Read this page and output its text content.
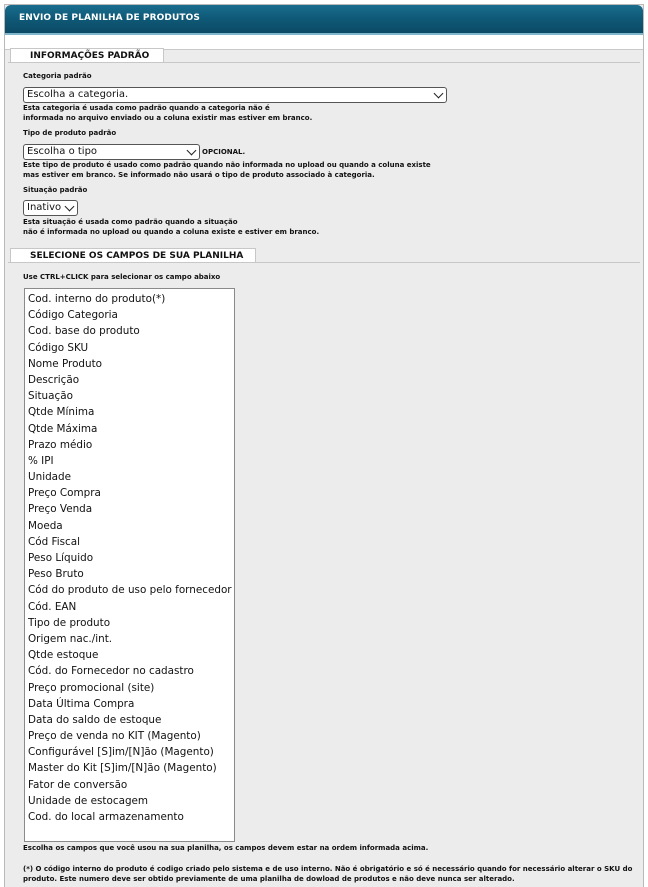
ENVIO DE PLANILHA DE PRODUTOS
INFORMAÇÕES PADRÃO
Categoria padrão
Escolha a categoria.
Esta categoria é usada como padrão quando a categoria não é
informada no arquivo enviado ou a coluna existir mas estiver em branco.
Tipo de produto padrão
Escolha o tipo	OPCIONAL.
Este tipo de produto é usado como padrão quando não informada no upload ou quando a coluna existe
mas estiver em branco. Se informado não usará o tipo de produto associado à categoria.
Situação padrão
Inativo
Esta situação é usada como padrão quando a situação
não é informada no upload ou quando a coluna existe e estiver em branco.
SELECIONE OS CAMPOS DE SUA PLANILHA
Use CTRL+CLICK para selecionar os campo abaixo
Cod. interno do produto(*)
Código Categoria
Cod. base do produto
Código SKU
Nome Produto
Descrição
Situação
Qtde Mínima
Qtde Máxima
Prazo médio
% IPI
Unidade
Preço Compra
Preço Venda
Moeda
Cód Fiscal
Peso Líquido
Peso Bruto
Cód do produto de uso pelo fornecedor
Cód. EAN
Tipo de produto
Origem nac./int.
Qtde estoque
Cód. do Fornecedor no cadastro
Preço promocional (site)
Data Última Compra
Data do saldo de estoque
Preço de venda no KIT (Magento)
Configurável [S]im/[N]ão (Magento)
Master do Kit [S]im/[N]ão (Magento)
Fator de conversão
Unidade de estocagem
Cod. do local armazenamento
Escolha os campos que você usou na sua planilha, os campos devem estar na ordem informada acima.
(*) O código interno do produto é codigo criado pelo sistema e de uso interno. Não é obrigatório e só é necessário quando for necessário alterar o SKU do
produto. Este numero deve ser obtido previamente de uma planilha de dowload de produtos e não deve nunca ser alterado.
